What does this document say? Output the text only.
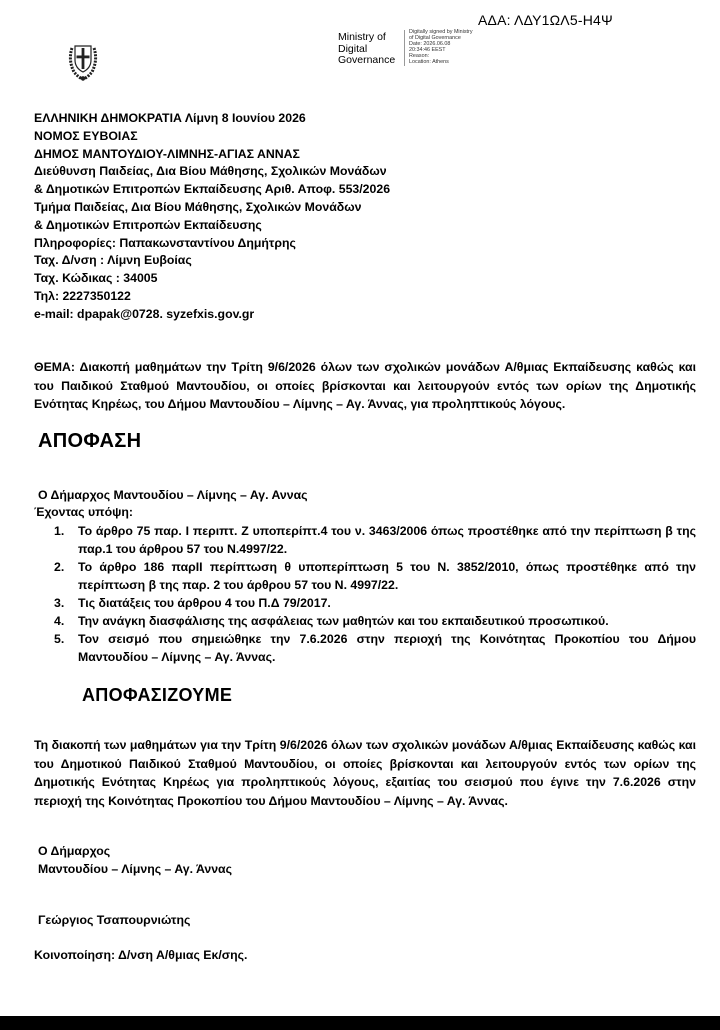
ΑΔΑ: ΛΔΥ1ΩΛ5-Η4Ψ
Ministry of
Digital
Governance
Digitally signed by Ministry
of Digital Governance
Date: 2026.06.08
20:34:46 EEST
Reason:
Location: Athens
ΕΛΛΗΝΙΚΗ ΔΗΜΟΚΡΑΤΙΑ Λίμνη 8 Ιουνίου 2026
ΝΟΜΟΣ ΕΥΒΟΙΑΣ
ΔΗΜΟΣ ΜΑΝΤΟΥΔΙΟΥ-ΛΙΜΝΗΣ-ΑΓΙΑΣ ΑΝΝΑΣ
Διεύθυνση Παιδείας, Δια Βίου Μάθησης, Σχολικών Μονάδων
& Δημοτικών Επιτροπών Εκπαίδευσης Αριθ. Αποφ. 553/2026
Τμήμα Παιδείας, Δια Βίου Μάθησης, Σχολικών Μονάδων
& Δημοτικών Επιτροπών Εκπαίδευσης
Πληροφορίες: Παπακωνσταντίνου Δημήτρης
Ταχ. Δ/νση : Λίμνη Ευβοίας
Ταχ. Κώδικας : 34005
Τηλ: 2227350122
e-mail: dpapak@0728. syzefxis.gov.gr
ΘΕΜΑ: Διακοπή μαθημάτων την Τρίτη 9/6/2026 όλων των σχολικών μονάδων Α/θμιας Εκπαίδευσης καθώς και του Παιδικού Σταθμού Μαντουδίου, οι οποίες βρίσκονται και λειτουργούν εντός των ορίων της Δημοτικής Ενότητας Κηρέως, του Δήμου Μαντουδίου – Λίμνης – Αγ. Άννας, για προληπτικούς λόγους.
ΑΠΟΦΑΣΗ
Ο Δήμαρχος Μαντουδίου – Λίμνης – Αγ. Αννας
Έχοντας υπόψη:
1. Το άρθρο 75 παρ. Ι περιπτ. Ζ υποπερίπτ.4 του ν. 3463/2006 όπως προστέθηκε από την περίπτωση β της παρ.1 του άρθρου 57 του Ν.4997/22.
2. Το άρθρο 186 παρΙΙ περίπτωση θ υποπερίπτωση 5 του Ν. 3852/2010, όπως προστέθηκε από την περίπτωση β της παρ. 2 του άρθρου 57 του Ν. 4997/22.
3. Τις διατάξεις του άρθρου 4 του Π.Δ 79/2017.
4. Την ανάγκη διασφάλισης της ασφάλειας των μαθητών και του εκπαιδευτικού προσωπικού.
5. Τον σεισμό που σημειώθηκε την 7.6.2026 στην περιοχή της Κοινότητας Προκοπίου του Δήμου Μαντουδίου – Λίμνης – Αγ. Άννας.
ΑΠΟΦΑΣΙΖΟΥΜΕ
Τη διακοπή των μαθημάτων για την Τρίτη 9/6/2026 όλων των σχολικών μονάδων Α/θμιας Εκπαίδευσης καθώς και του Δημοτικού Παιδικού Σταθμού Μαντουδίου, οι οποίες βρίσκονται και λειτουργούν εντός των ορίων της Δημοτικής Ενότητας Κηρέως για προληπτικούς λόγους, εξαιτίας του σεισμού που έγινε την 7.6.2026 στην περιοχή της Κοινότητας Προκοπίου του Δήμου Μαντουδίου – Λίμνης – Αγ. Άννας.
Ο Δήμαρχος
Μαντουδίου – Λίμνης – Αγ. Άννας
Γεώργιος Τσαπουρνιώτης
Κοινοποίηση: Δ/νση Α/θμιας Εκ/σης.
